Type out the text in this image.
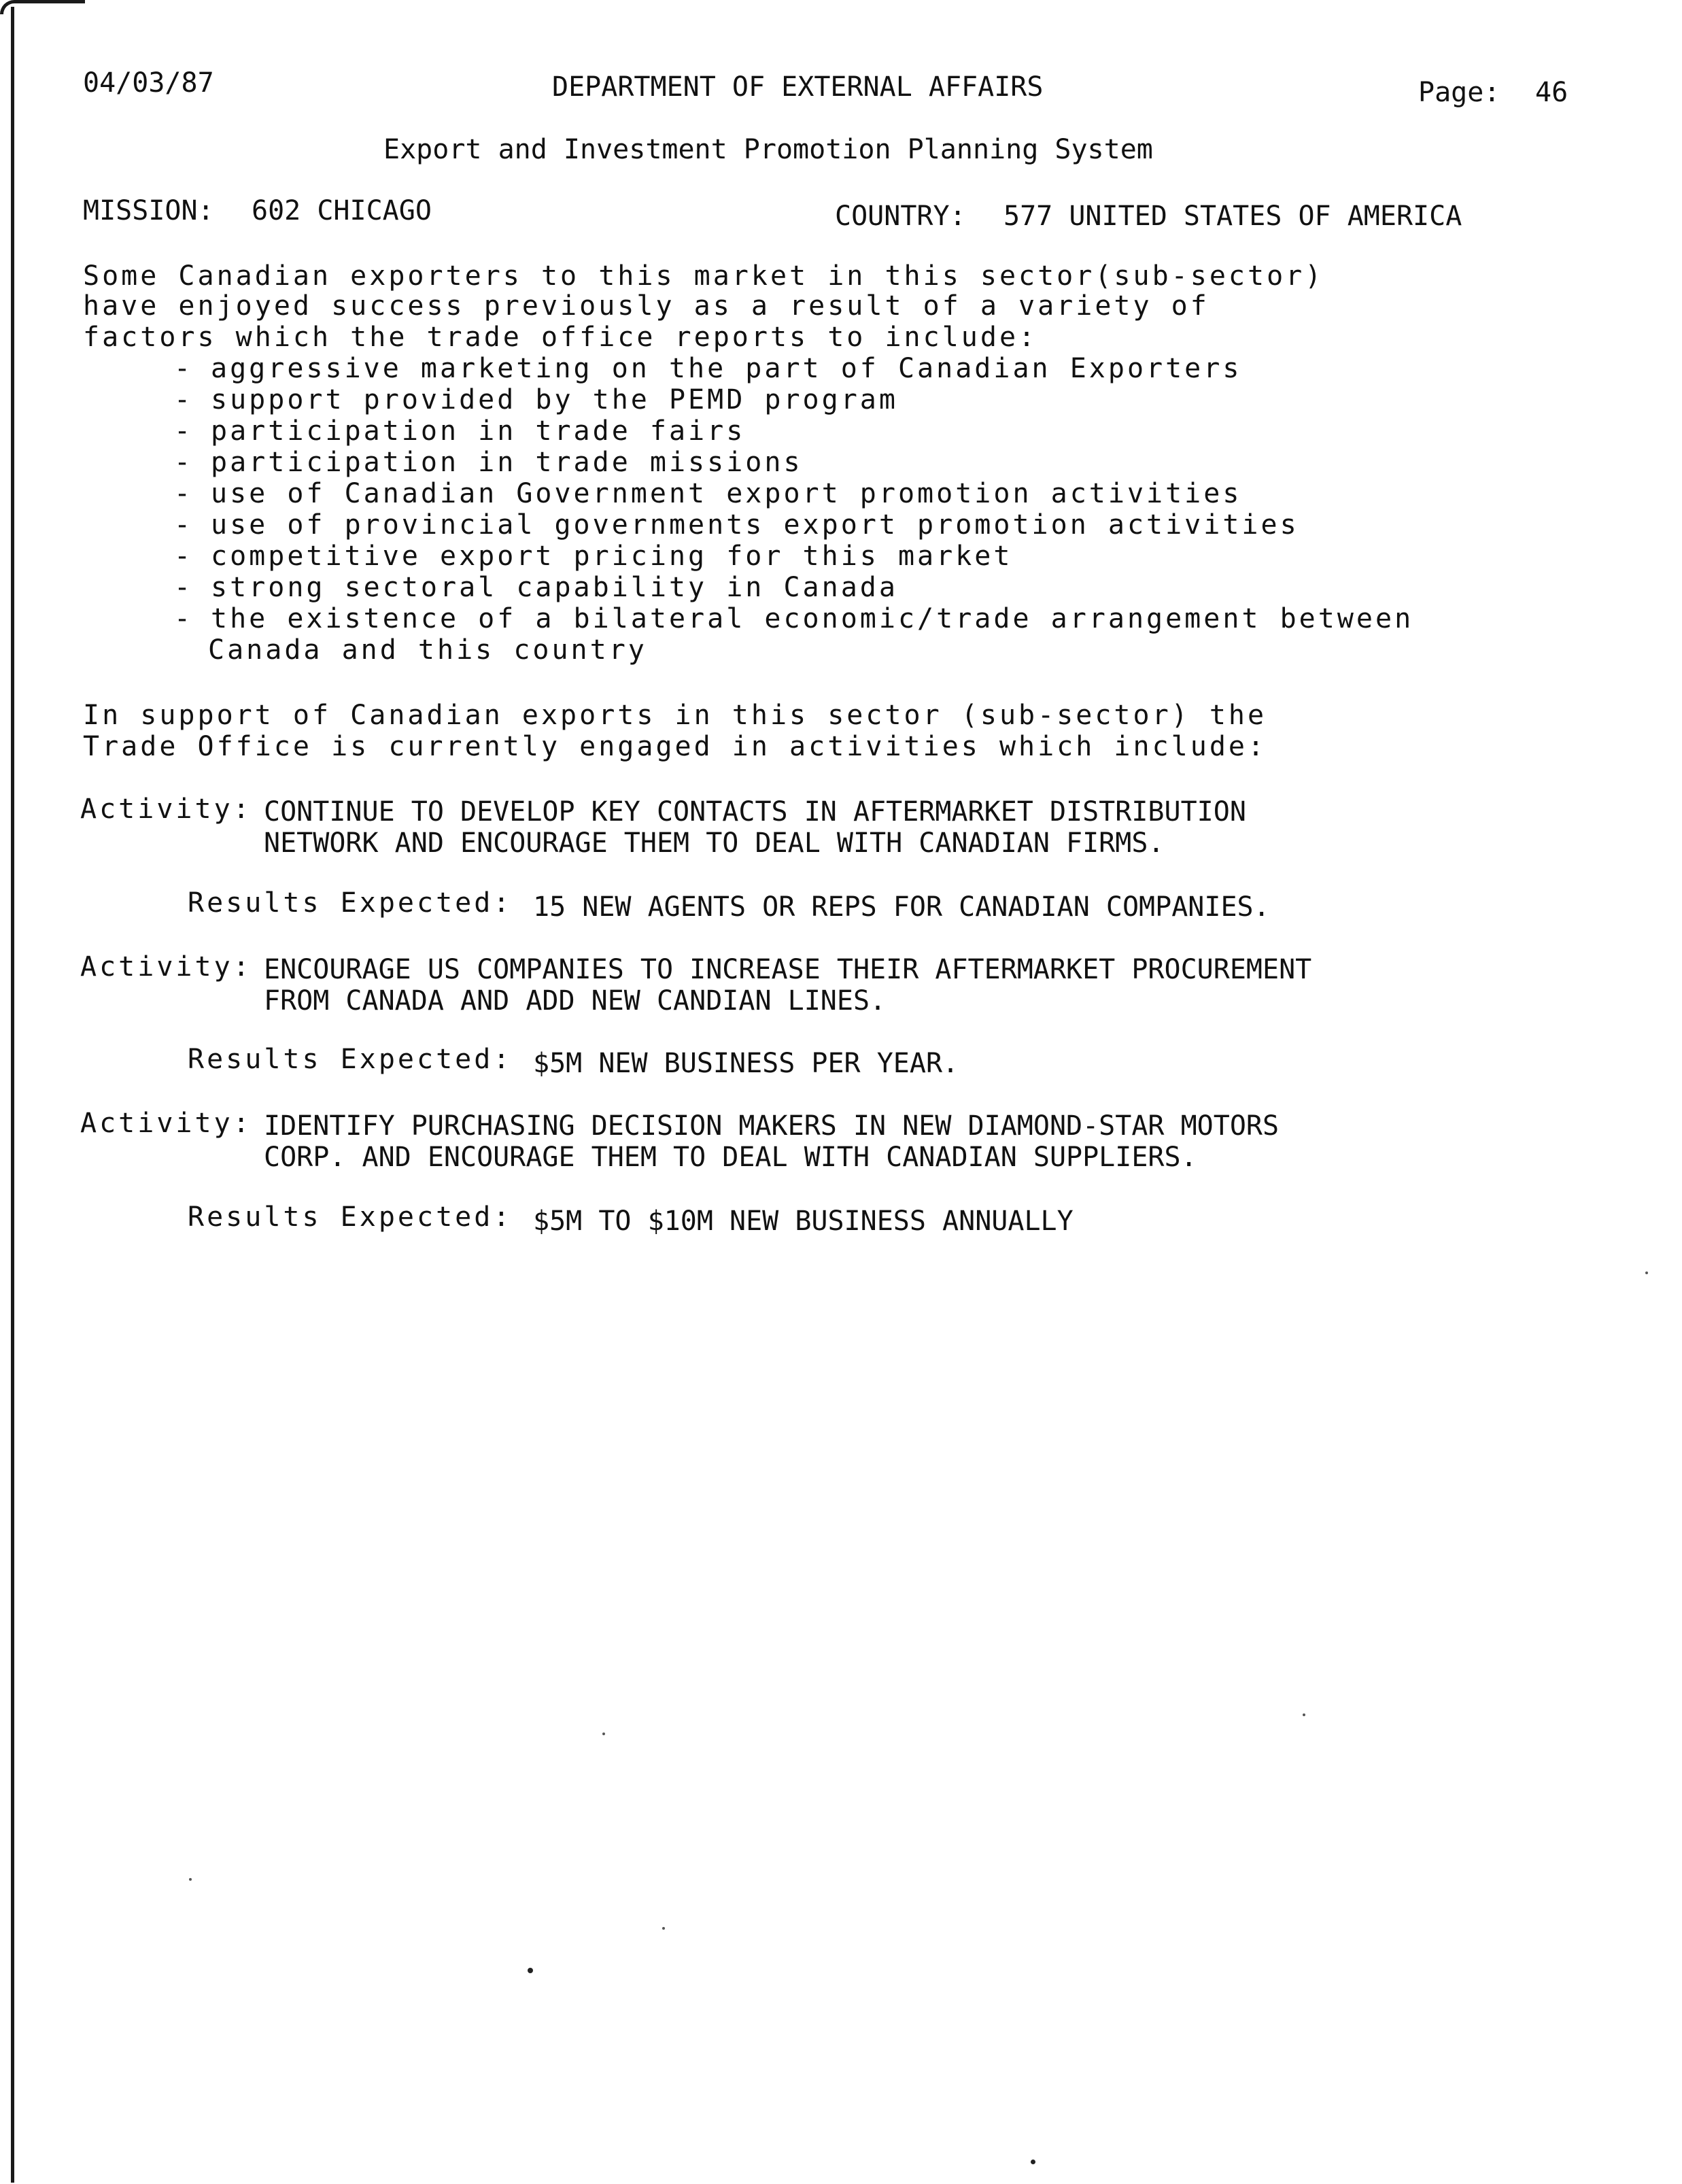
04/03/87	DEPARTMENT OF EXTERNAL AFFAIRS	Page: 46

Export and Investment Promotion Planning System

MISSION: 602 CHICAGO	COUNTRY: 577 UNITED STATES OF AMERICA

Some Canadian exporters to this market in this sector(sub-sector)

have enjoyed success previously as a result of a variety of

factors which the trade office reports to include:

- aggressive marketing on the part of Canadian Exporters

- support provided by the PEMD program

- participation in trade fairs

- participation in trade missions

- use of Canadian Government export promotion activities

- use of provincial governments export promotion activities

- competitive export pricing for this market

- strong sectoral capability in Canada

- the existence of a bilateral economic/trade arrangement between

Canada and this country

In support of Canadian exports in this sector (sub-sector) the

Trade Office is currently engaged in activities which include:

Activity: CONTINUE TO DEVELOP KEY CONTACTS IN AFTERMARKET DISTRIBUTION

NETWORK AND ENCOURAGE THEM TO DEAL WITH CANADIAN FIRMS.

Results Expected: 15 NEW AGENTS OR REPS FOR CANADIAN COMPANIES.

Activity: ENCOURAGE US COMPANIES TO INCREASE THEIR AFTERMARKET PROCUREMENT

FROM CANADA AND ADD NEW CANDIAN LINES.

Results Expected: $5M NEW BUSINESS PER YEAR.

Activity: IDENTIFY PURCHASING DECISION MAKERS IN NEW DIAMOND-STAR MOTORS

CORP. AND ENCOURAGE THEM TO DEAL WITH CANADIAN SUPPLIERS.

Results Expected: $5M TO $10M NEW BUSINESS ANNUALLY
